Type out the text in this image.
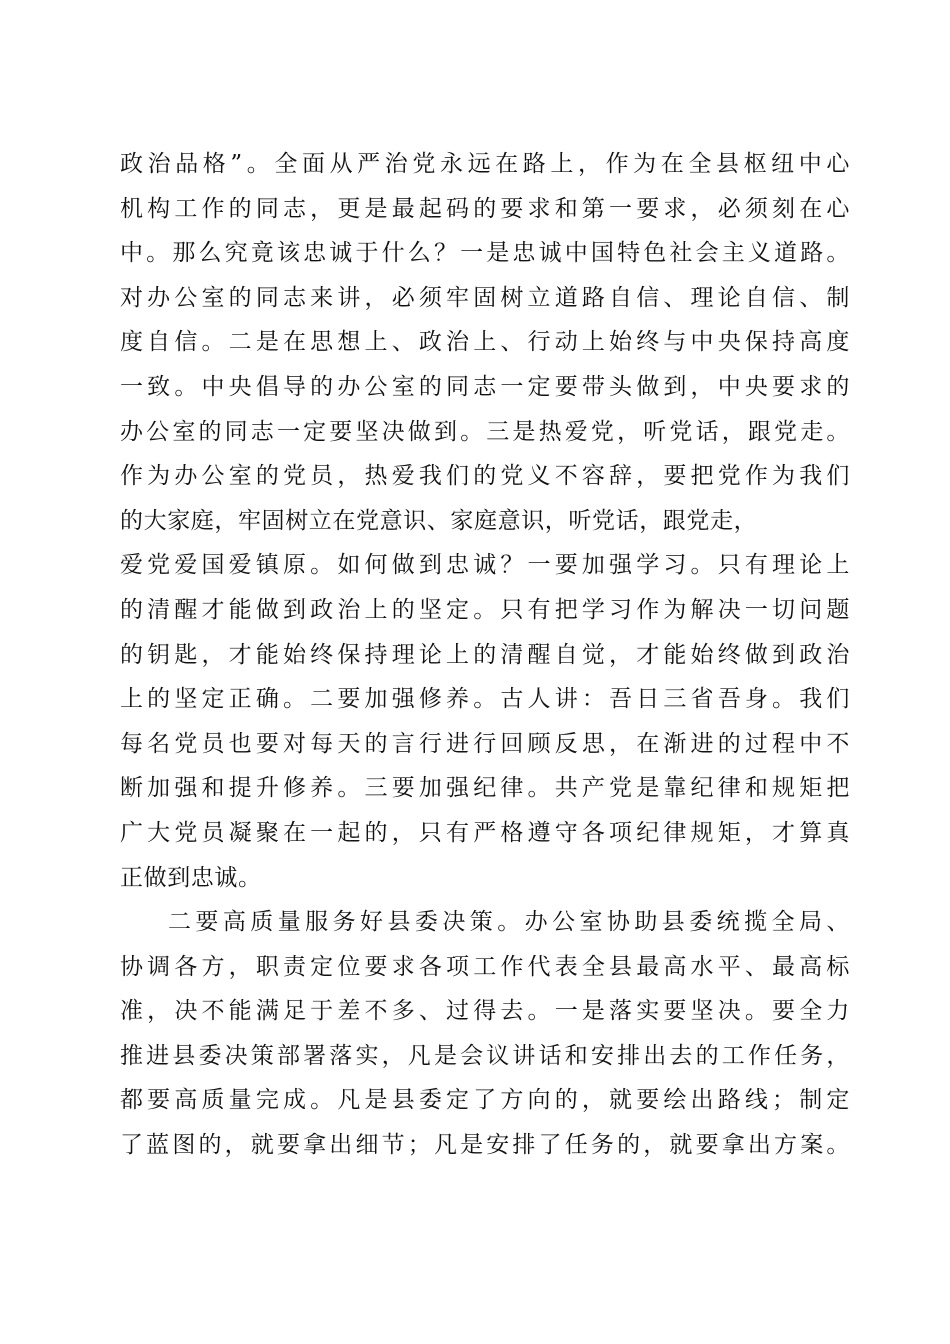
政治品格”。全面从严治党永远在路上，作为在全县枢纽中心
机构工作的同志，更是最起码的要求和第一要求，必须刻在心
中。那么究竟该忠诚于什么？一是忠诚中国特色社会主义道路。
对办公室的同志来讲，必须牢固树立道路自信、理论自信、制
度自信。二是在思想上、政治上、行动上始终与中央保持高度
一致。中央倡导的办公室的同志一定要带头做到，中央要求的
办公室的同志一定要坚决做到。三是热爱党，听党话，跟党走。
作为办公室的党员，热爱我们的党义不容辞，要把党作为我们
的大家庭，牢固树立在党意识、家庭意识，听党话，跟党走，
爱党爱国爱镇原。如何做到忠诚？一要加强学习。只有理论上
的清醒才能做到政治上的坚定。只有把学习作为解决一切问题
的钥匙，才能始终保持理论上的清醒自觉，才能始终做到政治
上的坚定正确。二要加强修养。古人讲：吾日三省吾身。我们
每名党员也要对每天的言行进行回顾反思，在渐进的过程中不
断加强和提升修养。三要加强纪律。共产党是靠纪律和规矩把
广大党员凝聚在一起的，只有严格遵守各项纪律规矩，才算真
正做到忠诚。
二要高质量服务好县委决策。办公室协助县委统揽全局、
协调各方，职责定位要求各项工作代表全县最高水平、最高标
准，决不能满足于差不多、过得去。一是落实要坚决。要全力
推进县委决策部署落实，凡是会议讲话和安排出去的工作任务，
都要高质量完成。凡是县委定了方向的，就要绘出路线；制定
了蓝图的，就要拿出细节；凡是安排了任务的，就要拿出方案。
